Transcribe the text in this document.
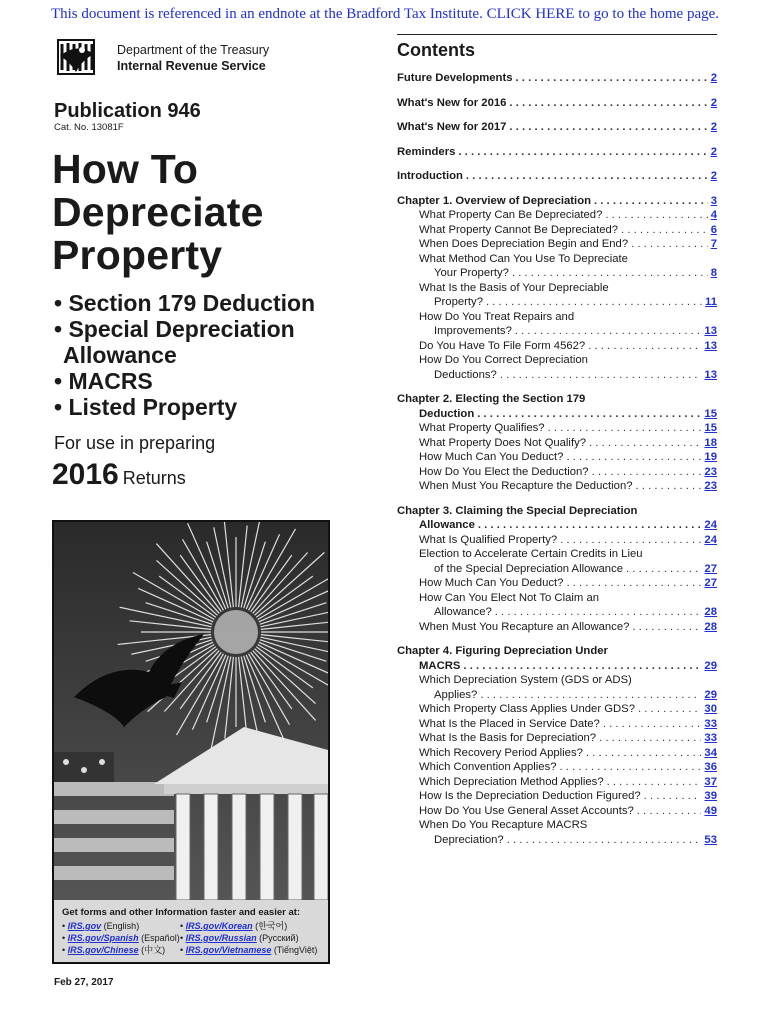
This document is referenced in an endnote at the Bradford Tax Institute. CLICK HERE to go to the home page.
Department of the Treasury
Internal Revenue Service
Publication 946
Cat. No. 13081F
How To
Depreciate
Property
• Section 179 Deduction
• Special Depreciation
Allowance
• MACRS
• Listed Property
For use in preparing
2016 Returns
Get forms and other Information faster and easier at:
• IRS.gov (English)
• IRS.gov/Spanish (Español)
• IRS.gov/Chinese (中文)
• IRS.gov/Korean (한국어)
• IRS.gov/Russian (Pусский)
• IRS.gov/Vietnamese (TiếngViệt)
Feb 27, 2017
Contents
Future Developments . . .	2
What's New for 2016 . . .	2
What's New for 2017 . . .	2
Reminders . . .	2
Introduction . . .	2
Chapter 1. Overview of Depreciation . . .	3
What Property Can Be Depreciated? . . .	4
What Property Cannot Be Depreciated? . . .	6
When Does Depreciation Begin and End? . . .	7
What Method Can You Use To Depreciate
Your Property? . . .	8
What Is the Basis of Your Depreciable
Property? . . .	11
How Do You Treat Repairs and
Improvements? . . .	13
Do You Have To File Form 4562? . . .	13
How Do You Correct Depreciation
Deductions? . . .	13
Chapter 2. Electing the Section 179
Deduction . . .	15
What Property Qualifies? . . .	15
What Property Does Not Qualify? . . .	18
How Much Can You Deduct? . . .	19
How Do You Elect the Deduction? . . .	23
When Must You Recapture the Deduction? . . .	23
Chapter 3. Claiming the Special Depreciation
Allowance . . .	24
What Is Qualified Property? . . .	24
Election to Accelerate Certain Credits in Lieu
of the Special Depreciation Allowance . . .	27
How Much Can You Deduct? . . .	27
How Can You Elect Not To Claim an
Allowance? . . .	28
When Must You Recapture an Allowance? . . .	28
Chapter 4. Figuring Depreciation Under
MACRS . . .	29
Which Depreciation System (GDS or ADS)
Applies? . . .	29
Which Property Class Applies Under GDS? . . .	30
What Is the Placed in Service Date? . . .	33
What Is the Basis for Depreciation? . . .	33
Which Recovery Period Applies? . . .	34
Which Convention Applies? . . .	36
Which Depreciation Method Applies? . . .	37
How Is the Depreciation Deduction Figured? . . .	39
How Do You Use General Asset Accounts? . . .	49
When Do You Recapture MACRS
Depreciation? . . .	53
